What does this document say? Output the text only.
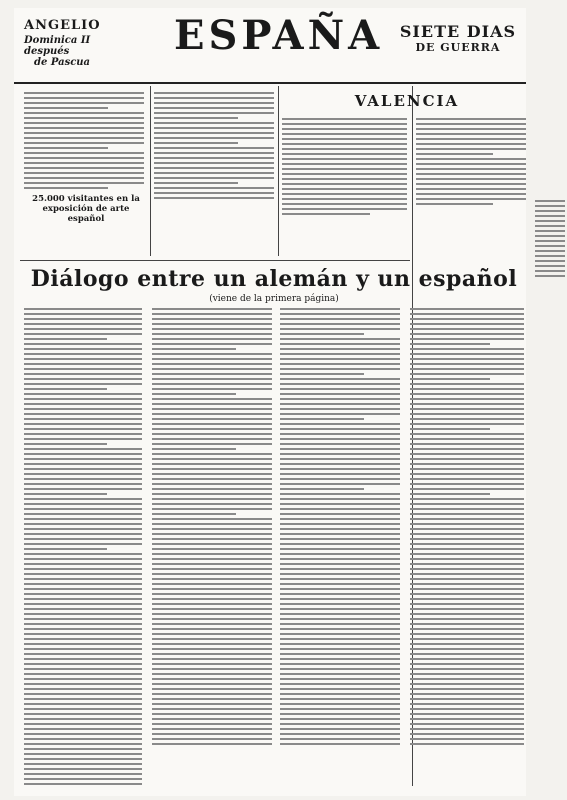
ANGELIO
Dominica II después
de Pascua
ESPAÑA SIETE DIAS
DE GUERRA
VALENCIA
25.000 visitantes en la exposición de arte español
Diálogo entre un alemán y un español
(viene de la primera página)
